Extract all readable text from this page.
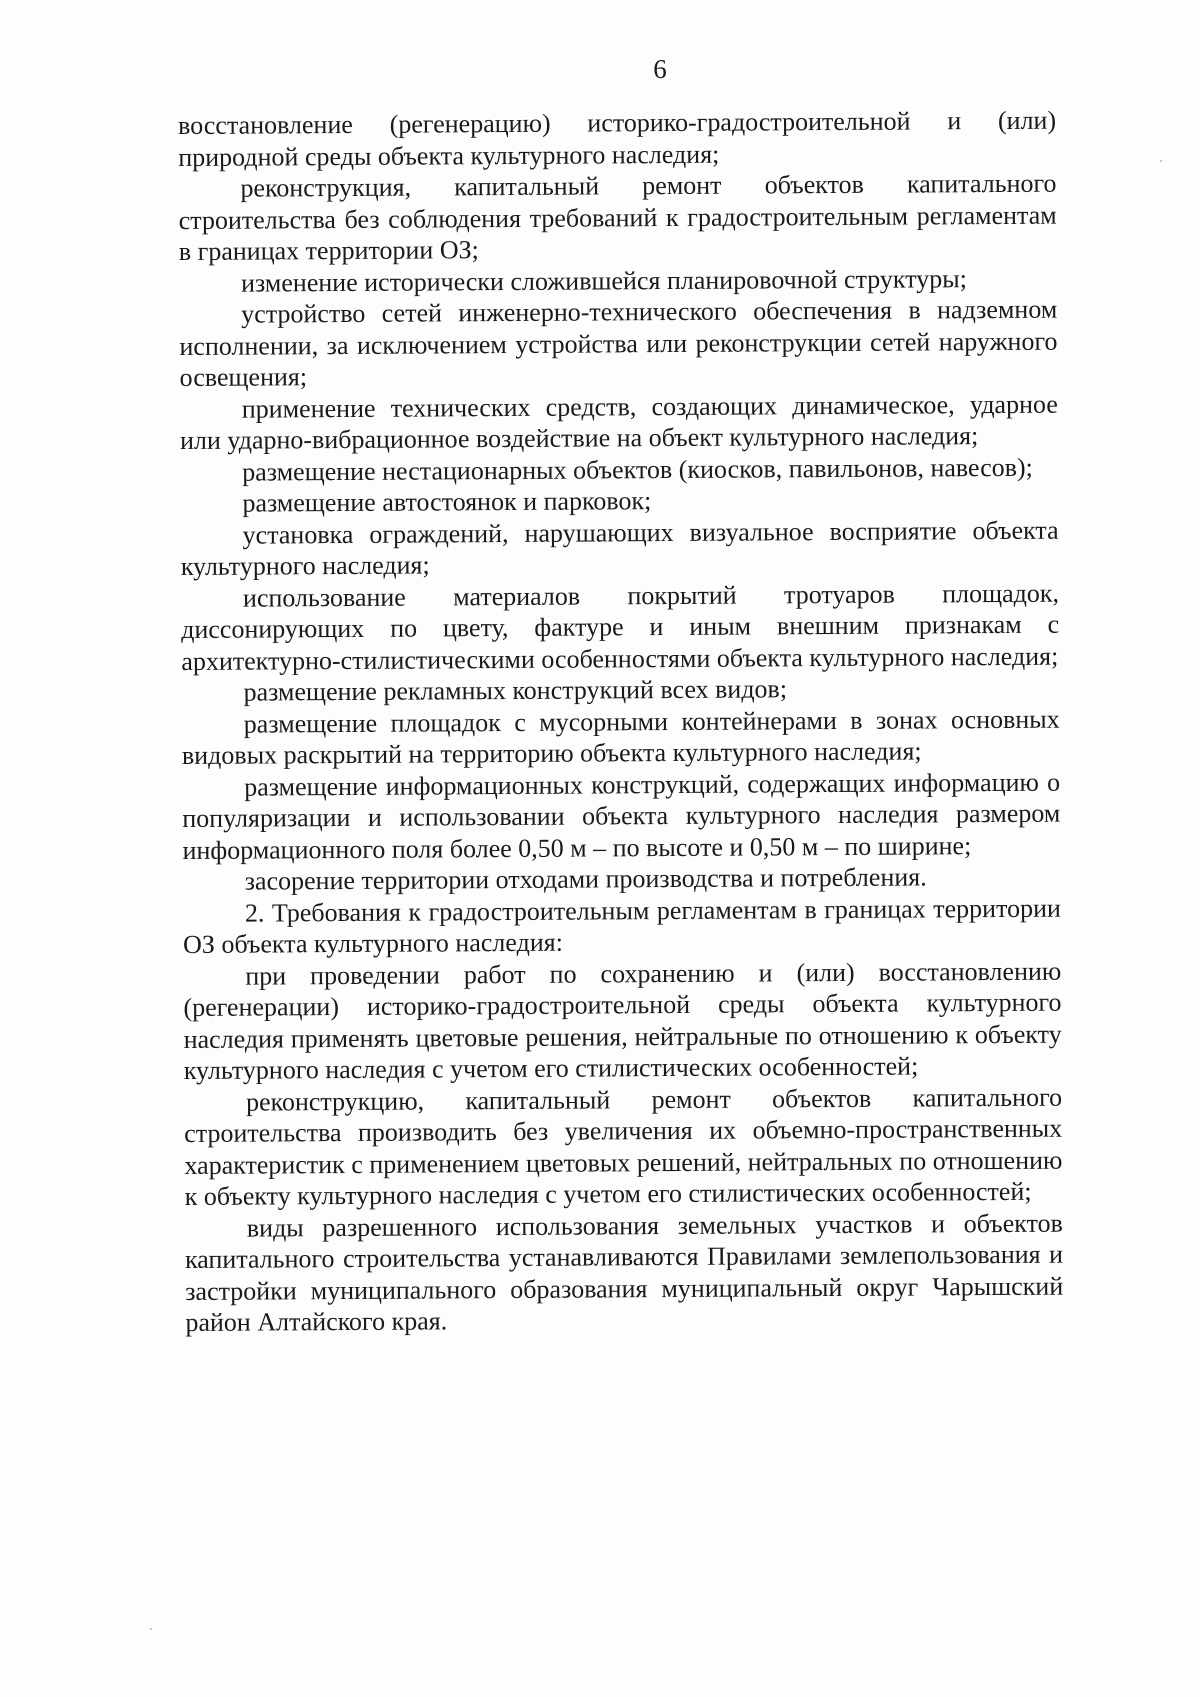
6

восстановление (регенерацию) историко-градостроительной и (или) природной среды объекта культурного наследия;

реконструкция, капитальный ремонт объектов капитального строительства без соблюдения требований к градостроительным регламентам в границах территории ОЗ;

изменение исторически сложившейся планировочной структуры;

устройство сетей инженерно-технического обеспечения в надземном исполнении, за исключением устройства или реконструкции сетей наружного освещения;

применение технических средств, создающих динамическое, ударное или ударно-вибрационное воздействие на объект культурного наследия;

размещение нестационарных объектов (киосков, павильонов, навесов);

размещение автостоянок и парковок;

установка ограждений, нарушающих визуальное восприятие объекта культурного наследия;

использование материалов покрытий тротуаров площадок, диссонирующих по цвету, фактуре и иным внешним признакам с архитектурно-стилистическими особенностями объекта культурного наследия;

размещение рекламных конструкций всех видов;

размещение площадок с мусорными контейнерами в зонах основных видовых раскрытий на территорию объекта культурного наследия;

размещение информационных конструкций, содержащих информацию о популяризации и использовании объекта культурного наследия размером информационного поля более 0,50 м – по высоте и 0,50 м – по ширине;

засорение территории отходами производства и потребления.

2. Требования к градостроительным регламентам в границах территории ОЗ объекта культурного наследия:

при проведении работ по сохранению и (или) восстановлению (регенерации) историко-градостроительной среды объекта культурного наследия применять цветовые решения, нейтральные по отношению к объекту культурного наследия с учетом его стилистических особенностей;

реконструкцию, капитальный ремонт объектов капитального строительства производить без увеличения их объемно-пространственных характеристик с применением цветовых решений, нейтральных по отношению к объекту культурного наследия с учетом его стилистических особенностей;

виды разрешенного использования земельных участков и объектов капитального строительства устанавливаются Правилами землепользования и застройки муниципального образования муниципальный округ Чарышский район Алтайского края.
